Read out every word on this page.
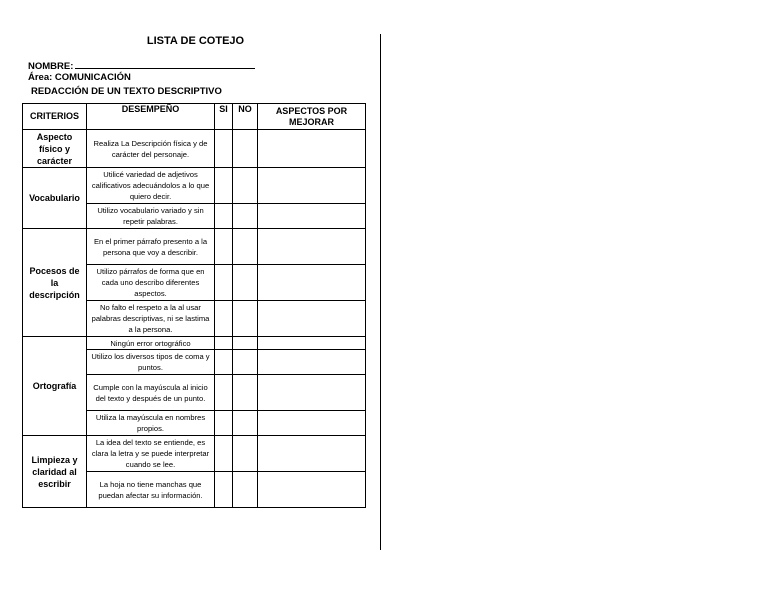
LISTA DE COTEJO
NOMBRE:
Área: COMUNICACIÓN
REDACCIÓN DE UN TEXTO DESCRIPTIVO
CRITERIOS	DESEMPEÑO	SI	NO	ASPECTOS POR MEJORAR
Aspecto físico y carácter	Realiza La Descripción física y de carácter del personaje.			
Vocabulario	Utilicé variedad de adjetivos calificativos adecuándolos a lo que quiero decir.			
	Utilizo vocabulario variado y sin repetir palabras.			
Pocesos de la descripción	En el primer párrafo presento a la persona que voy a describir.			
	Utilizo párrafos de forma que en cada uno describo diferentes aspectos.			
	No falto el respeto a la al usar palabras descriptivas, ni se lastima a la persona.			
Ortografía	Ningún error ortográfico			
	Utilizo los diversos tipos de coma y puntos.			
	Cumple con la mayúscula al inicio del texto y después de un punto.			
	Utiliza la mayúscula en nombres propios.			
Limpieza y claridad al escribir	La idea del texto se entiende, es clara la letra y se puede interpretar cuando se lee.			
	La hoja no tiene manchas que puedan afectar su información.			
